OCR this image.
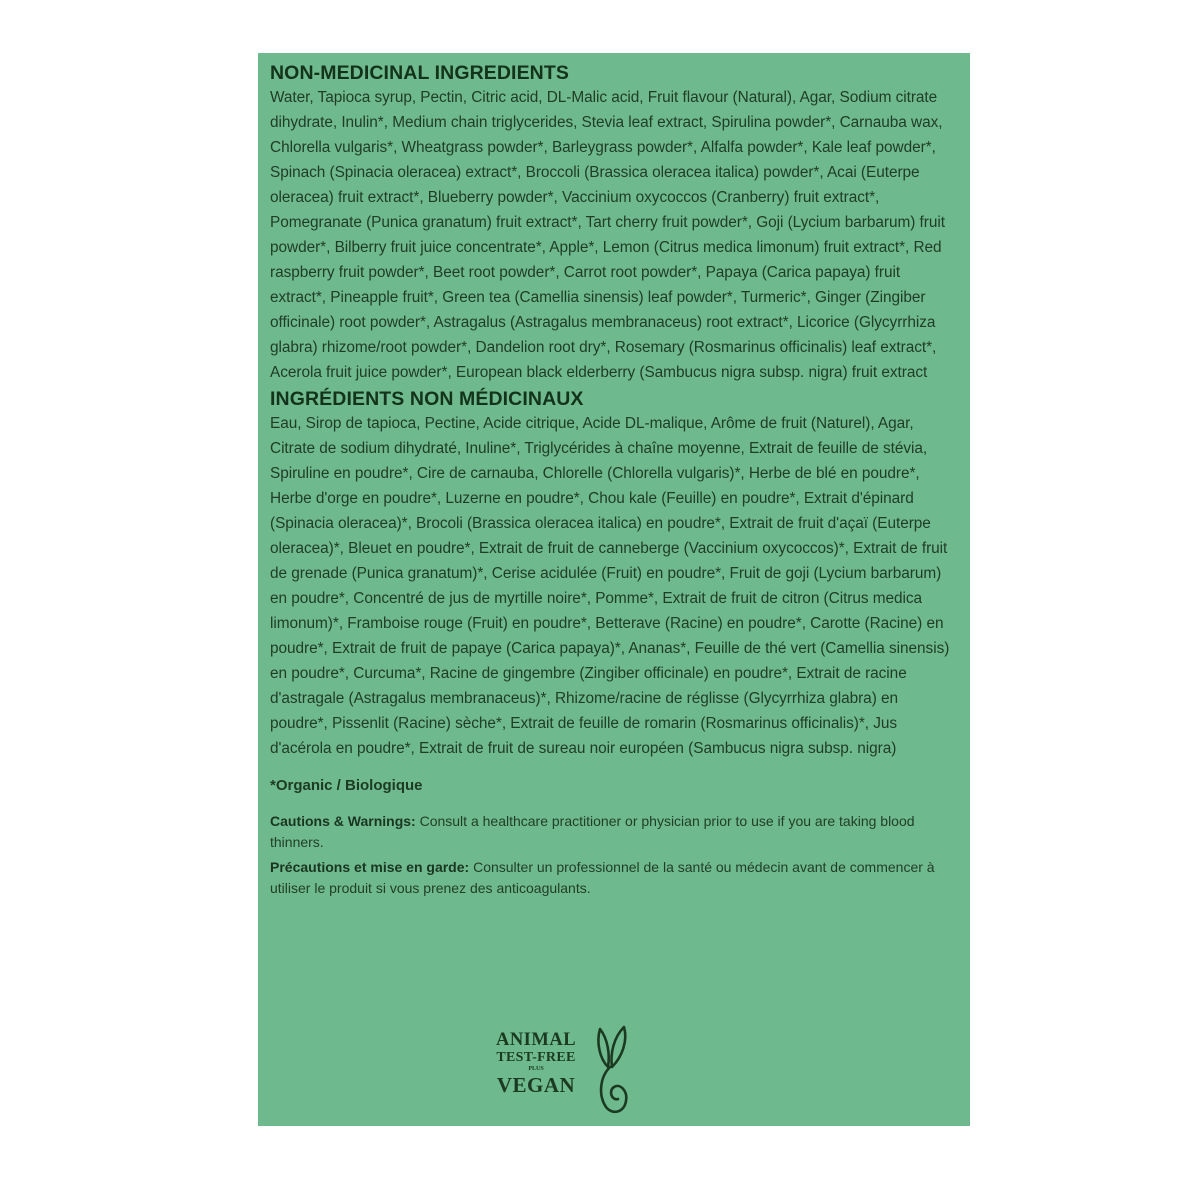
NON-MEDICINAL INGREDIENTS

Water, Tapioca syrup, Pectin, Citric acid, DL-Malic acid, Fruit flavour (Natural), Agar, Sodium citrate dihydrate, Inulin*, Medium chain triglycerides, Stevia leaf extract, Spirulina powder*, Carnauba wax, Chlorella vulgaris*, Wheatgrass powder*, Barleygrass powder*, Alfalfa powder*, Kale leaf powder*, Spinach (Spinacia oleracea) extract*, Broccoli (Brassica oleracea italica) powder*, Acai (Euterpe oleracea) fruit extract*, Blueberry powder*, Vaccinium oxycoccos (Cranberry) fruit extract*, Pomegranate (Punica granatum) fruit extract*, Tart cherry fruit powder*, Goji (Lycium barbarum) fruit powder*, Bilberry fruit juice concentrate*, Apple*, Lemon (Citrus medica limonum) fruit extract*, Red raspberry fruit powder*, Beet root powder*, Carrot root powder*, Papaya (Carica papaya) fruit extract*, Pineapple fruit*, Green tea (Camellia sinensis) leaf powder*, Turmeric*, Ginger (Zingiber officinale) root powder*, Astragalus (Astragalus membranaceus) root extract*, Licorice (Glycyrrhiza glabra) rhizome/root powder*, Dandelion root dry*, Rosemary (Rosmarinus officinalis) leaf extract*, Acerola fruit juice powder*, European black elderberry (Sambucus nigra subsp. nigra) fruit extract

INGRÉDIENTS NON MÉDICINAUX

Eau, Sirop de tapioca, Pectine, Acide citrique, Acide DL-malique, Arôme de fruit (Naturel), Agar, Citrate de sodium dihydraté, Inuline*, Triglycérides à chaîne moyenne, Extrait de feuille de stévia, Spiruline en poudre*, Cire de carnauba, Chlorelle (Chlorella vulgaris)*, Herbe de blé en poudre*, Herbe d'orge en poudre*, Luzerne en poudre*, Chou kale (Feuille) en poudre*, Extrait d'épinard (Spinacia oleracea)*, Brocoli (Brassica oleracea italica) en poudre*, Extrait de fruit d'açaï (Euterpe oleracea)*, Bleuet en poudre*, Extrait de fruit de canneberge (Vaccinium oxycoccos)*, Extrait de fruit de grenade (Punica granatum)*, Cerise acidulée (Fruit) en poudre*, Fruit de goji (Lycium barbarum) en poudre*, Concentré de jus de myrtille noire*, Pomme*, Extrait de fruit de citron (Citrus medica limonum)*, Framboise rouge (Fruit) en poudre*, Betterave (Racine) en poudre*, Carotte (Racine) en poudre*, Extrait de fruit de papaye (Carica papaya)*, Ananas*, Feuille de thé vert (Camellia sinensis) en poudre*, Curcuma*, Racine de gingembre (Zingiber officinale) en poudre*, Extrait de racine d'astragale (Astragalus membranaceus)*, Rhizome/racine de réglisse (Glycyrrhiza glabra) en poudre*, Pissenlit (Racine) sèche*, Extrait de feuille de romarin (Rosmarinus officinalis)*, Jus d'acérola en poudre*, Extrait de fruit de sureau noir européen (Sambucus nigra subsp. nigra)

*Organic / Biologique

Cautions & Warnings: Consult a healthcare practitioner or physician prior to use if you are taking blood thinners.

Précautions et mise en garde: Consulter un professionnel de la santé ou médecin avant de commencer à utiliser le produit si vous prenez des anticoagulants.

ANIMAL
TEST-FREE
PLUS
VEGAN
